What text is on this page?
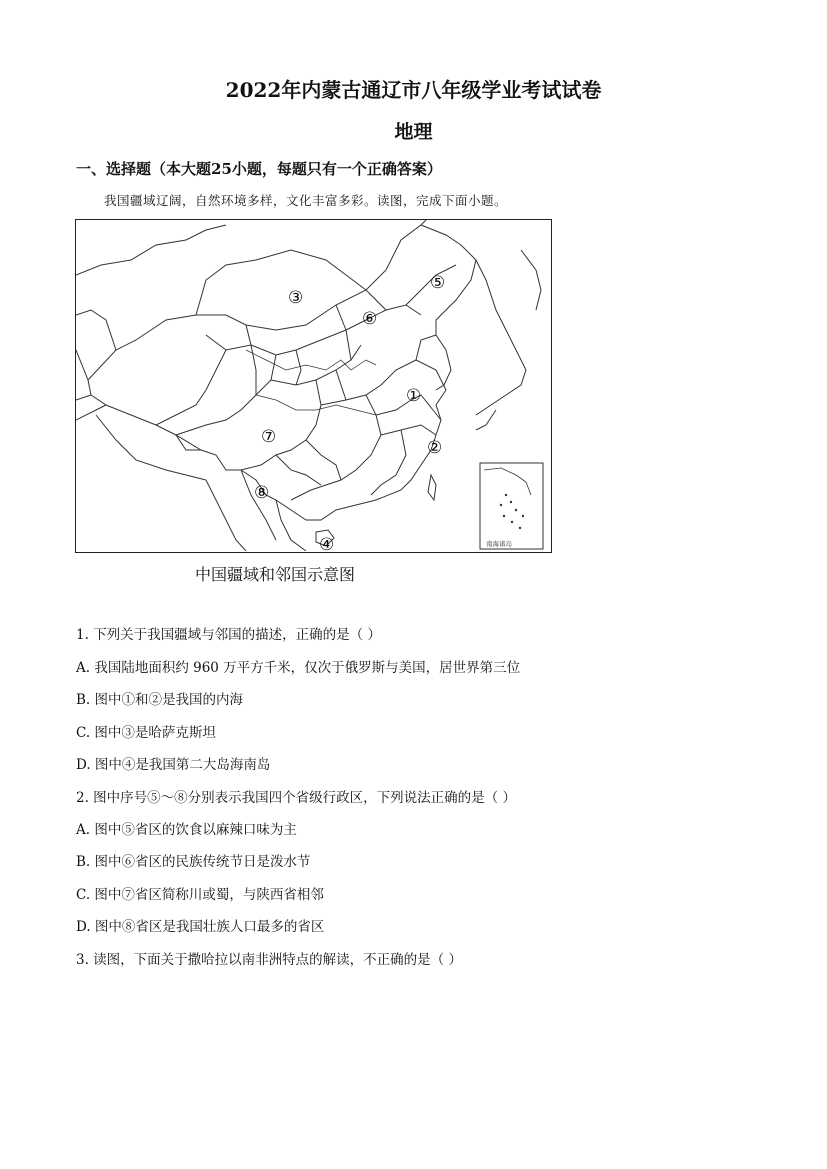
2022年内蒙古通辽市八年级学业考试试卷
地理
一、选择题（本大题25小题，每题只有一个正确答案）
我国疆域辽阔，自然环境多样，文化丰富多彩。读图，完成下面小题。
南海诸岛
③
⑤
⑥
①
②
⑦
⑧
④
中国疆域和邻国示意图
1. 下列关于我国疆域与邻国的描述，正确的是（ ）
A. 我国陆地面积约 960 万平方千米，仅次于俄罗斯与美国，居世界第三位
B. 图中①和②是我国的内海
C. 图中③是哈萨克斯坦
D. 图中④是我国第二大岛海南岛
2. 图中序号⑤～⑧分别表示我国四个省级行政区，下列说法正确的是（ ）
A. 图中⑤省区的饮食以麻辣口味为主
B. 图中⑥省区的民族传统节日是泼水节
C. 图中⑦省区简称川或蜀，与陕西省相邻
D. 图中⑧省区是我国壮族人口最多的省区
3. 读图，下面关于撒哈拉以南非洲特点的解读，不正确的是（ ）
